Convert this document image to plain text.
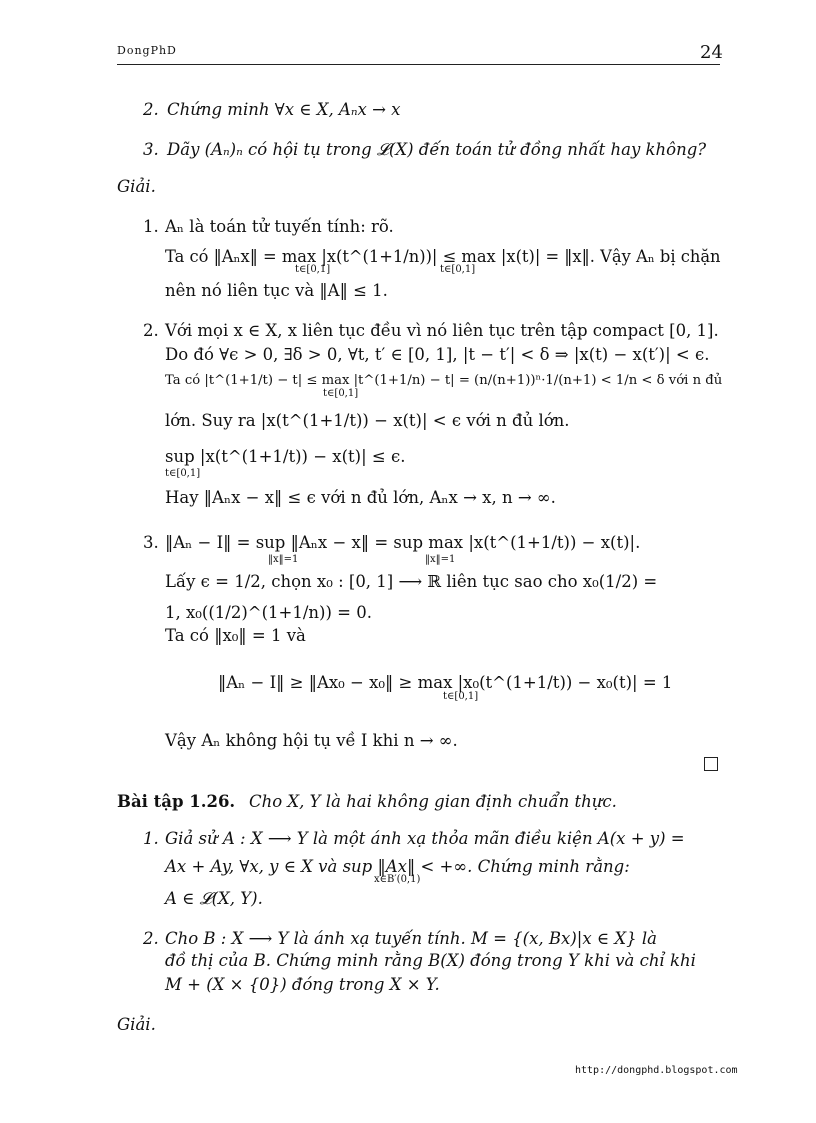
DongPhD	24
2. Chứng minh ∀x ∈ X, Aₙx → x
3. Dãy (Aₙ)ₙ có hội tụ trong 𝓛(X) đến toán tử đồng nhất hay không?
Giải.
1. Aₙ là toán tử tuyến tính: rõ.
Ta có ‖Aₙx‖ = max |x(t^(1+1/n))| ≤ max |x(t)| = ‖x‖. Vậy Aₙ bị chặn
t∈[0,1]	t∈[0,1]
nên nó liên tục và ‖A‖ ≤ 1.
2. Với mọi x ∈ X, x liên tục đều vì nó liên tục trên tập compact [0, 1].
Do đó ∀ϵ > 0, ∃δ > 0, ∀t, t′ ∈ [0, 1], |t − t′| < δ ⇒ |x(t) − x(t′)| < ϵ.
Ta có |t^(1+1/t) − t| ≤ max |t^(1+1/n) − t| = (n/(n+1))ⁿ·1/(n+1) < 1/n < δ với n đủ
t∈[0,1]
lớn. Suy ra |x(t^(1+1/t)) − x(t)| < ϵ với n đủ lớn.
sup |x(t^(1+1/t)) − x(t)| ≤ ϵ.
t∈[0,1]
Hay ‖Aₙx − x‖ ≤ ϵ với n đủ lớn, Aₙx → x, n → ∞.
3. ‖Aₙ − I‖ = sup ‖Aₙx − x‖ = sup max |x(t^(1+1/t)) − x(t)|.
‖x‖=1	‖x‖=1
Lấy ϵ = 1/2, chọn x₀ : [0, 1] ⟶ ℝ liên tục sao cho x₀(1/2) =
1, x₀((1/2)^(1+1/n)) = 0.
Ta có ‖x₀‖ = 1 và
‖Aₙ − I‖ ≥ ‖Ax₀ − x₀‖ ≥ max |x₀(t^(1+1/t)) − x₀(t)| = 1
t∈[0,1]
Vậy Aₙ không hội tụ về I khi n → ∞.
Bài tập 1.26. Cho X, Y là hai không gian định chuẩn thực.
1. Giả sử A : X ⟶ Y là một ánh xạ thỏa mãn điều kiện A(x + y) =
Ax + Ay, ∀x, y ∈ X và sup ‖Ax‖ < +∞. Chứng minh rằng:
x∈B′(0,1)
A ∈ 𝓛(X, Y).
2. Cho B : X ⟶ Y là ánh xạ tuyến tính. M = {(x, Bx)|x ∈ X} là
đồ thị của B. Chứng minh rằng B(X) đóng trong Y khi và chỉ khi
M + (X × {0}) đóng trong X × Y.
Giải.
http://dongphd.blogspot.com
